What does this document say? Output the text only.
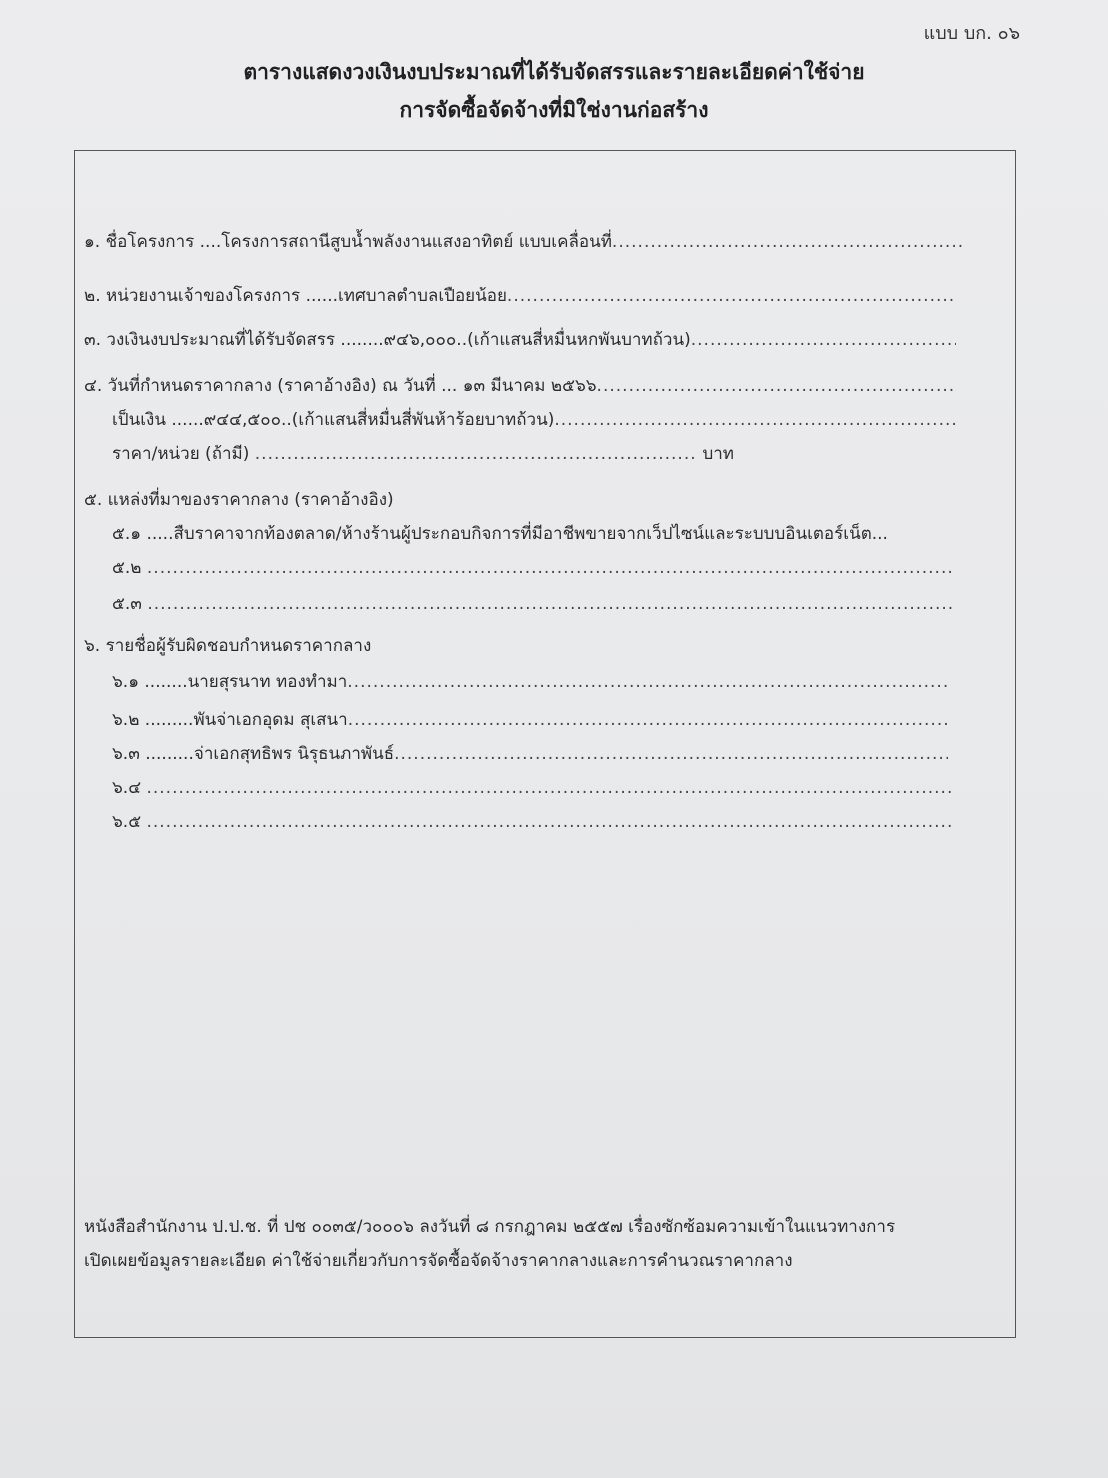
แบบ บก. ๐๖
ตารางแสดงวงเงินงบประมาณที่ได้รับจัดสรรและรายละเอียดค่าใช้จ่าย
การจัดซื้อจัดจ้างที่มิใช่งานก่อสร้าง
๑. ชื่อโครงการ ....โครงการสถานีสูบน้ำพลังงานแสงอาทิตย์ แบบเคลื่อนที่
.....
๒. หน่วยงานเจ้าของโครงการ ......เทศบาลตำบลเปือยน้อย
.....
๓. วงเงินงบประมาณที่ได้รับจัดสรร ........๙๔๖,๐๐๐..(เก้าแสนสี่หมื่นหกพันบาทถ้วน)
.....
๔. วันที่กำหนดราคากลาง (ราคาอ้างอิง) ณ วันที่ ... ๑๓ มีนาคม ๒๕๖๖
.....
เป็นเงิน ......๙๔๔,๕๐๐..(เก้าแสนสี่หมื่นสี่พันห้าร้อยบาทถ้วน)
.....
ราคา/หน่วย (ถ้ามี)

.....
	บาท
๕. แหล่งที่มาของราคากลาง (ราคาอ้างอิง)
๕.๑ .....สืบราคาจากท้องตลาด/ห้างร้านผู้ประกอบกิจการที่มีอาชีพขายจากเว็ปไซน์และระบบบอินเตอร์เน็ต...
๕.๒

.....
๕.๓

.....
๖. รายชื่อผู้รับผิดชอบกำหนดราคากลาง
๖.๑ ........นายสุรนาท ทองทำมา
.....
๖.๒ .........พันจ่าเอกอุดม สุเสนา
.....
๖.๓ .........จ่าเอกสุทธิพร นิรุธนภาพันธ์
.....
๖.๔

.....
๖.๕

.....
หนังสือสำนักงาน ป.ป.ช. ที่ ปช ๐๐๓๕/ว๐๐๐๖ ลงวันที่ ๘ กรกฎาคม ๒๕๕๗ เรื่องซักซ้อมความเข้าในแนวทางการ
เปิดเผยข้อมูลรายละเอียด ค่าใช้จ่ายเกี่ยวกับการจัดซื้อจัดจ้างราคากลางและการคำนวณราคากลาง
